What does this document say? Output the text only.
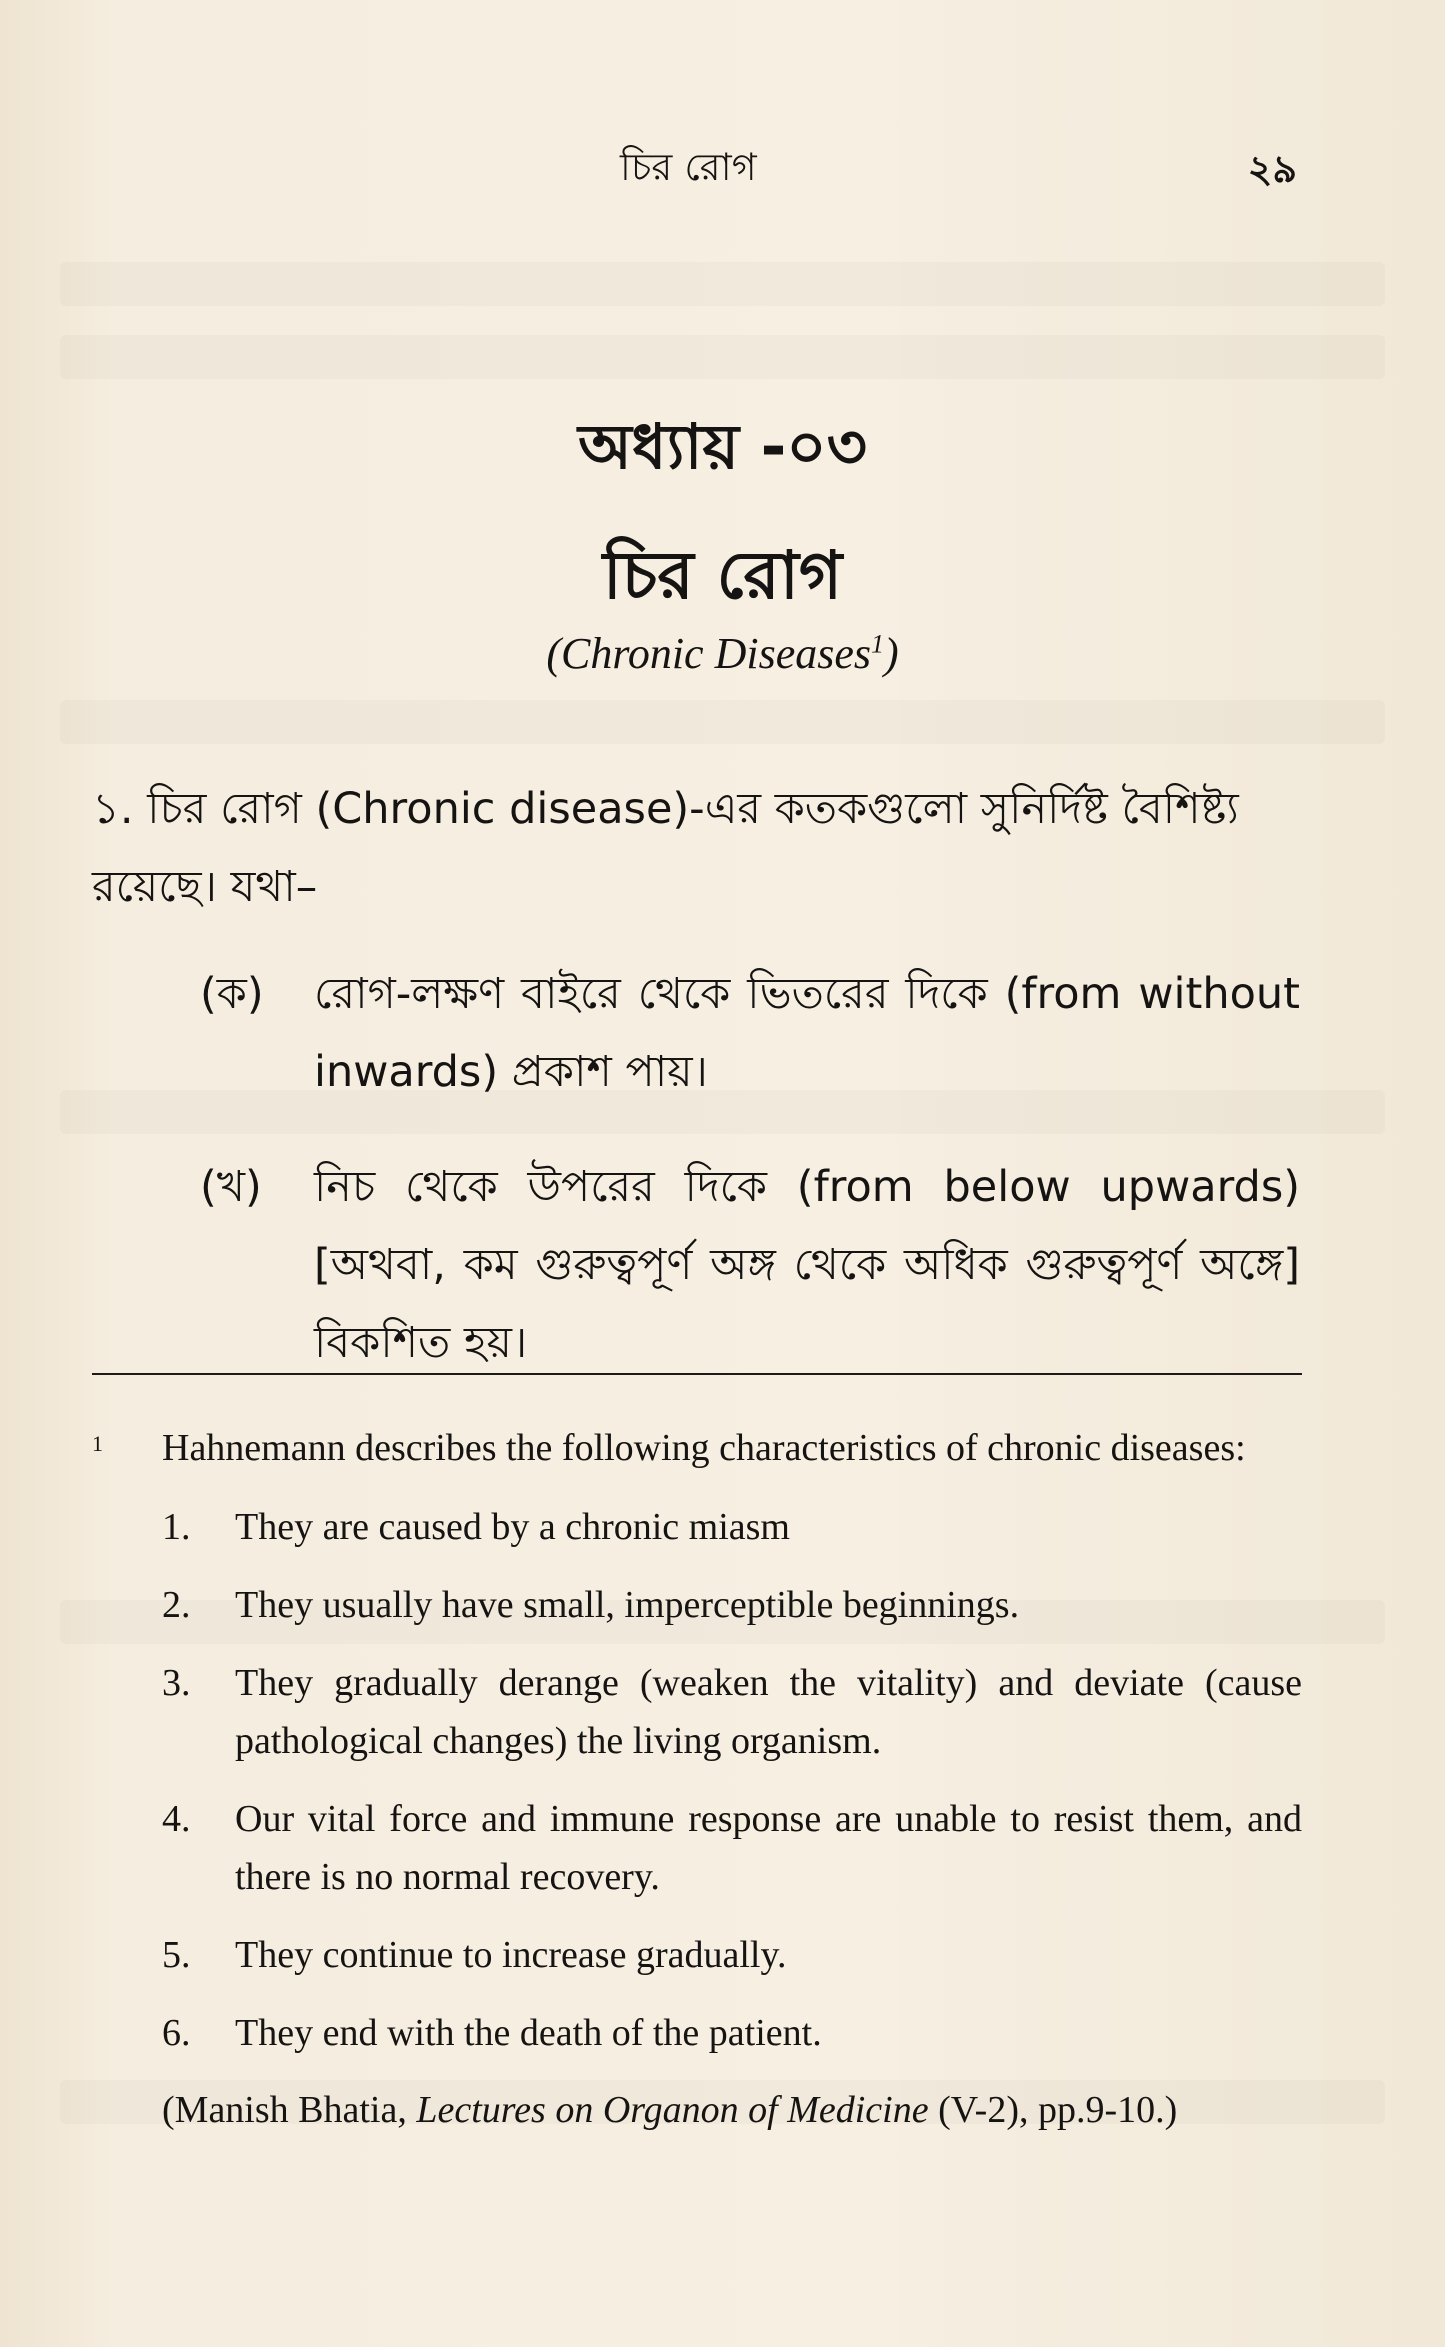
চির রোগ	২৯
অধ্যায় -০৩
চির রোগ
(Chronic Diseases$^1$)
১. চির রোগ (Chronic disease)-এর কতকগুলো সুনির্দিষ্ট বৈশিষ্ট্য রয়েছে। যথা–
(ক) রোগ-লক্ষণ বাইরে থেকে ভিতরের দিকে (from without inwards) প্রকাশ পায়।
(খ) নিচ থেকে উপরের দিকে (from below upwards) [অথবা, কম গুরুত্বপূর্ণ অঙ্গ থেকে অধিক গুরুত্বপূর্ণ অঙ্গে] বিকশিত হয়।
1 Hahnemann describes the following characteristics of chronic diseases:
1. They are caused by a chronic miasm
2. They usually have small, imperceptible beginnings.
3. They gradually derange (weaken the vitality) and deviate (cause pathological changes) the living organism.
4. Our vital force and immune response are unable to resist them, and there is no normal recovery.
5. They continue to increase gradually.
6. They end with the death of the patient.
(Manish Bhatia, Lectures on Organon of Medicine (V-2), pp.9-10.)
